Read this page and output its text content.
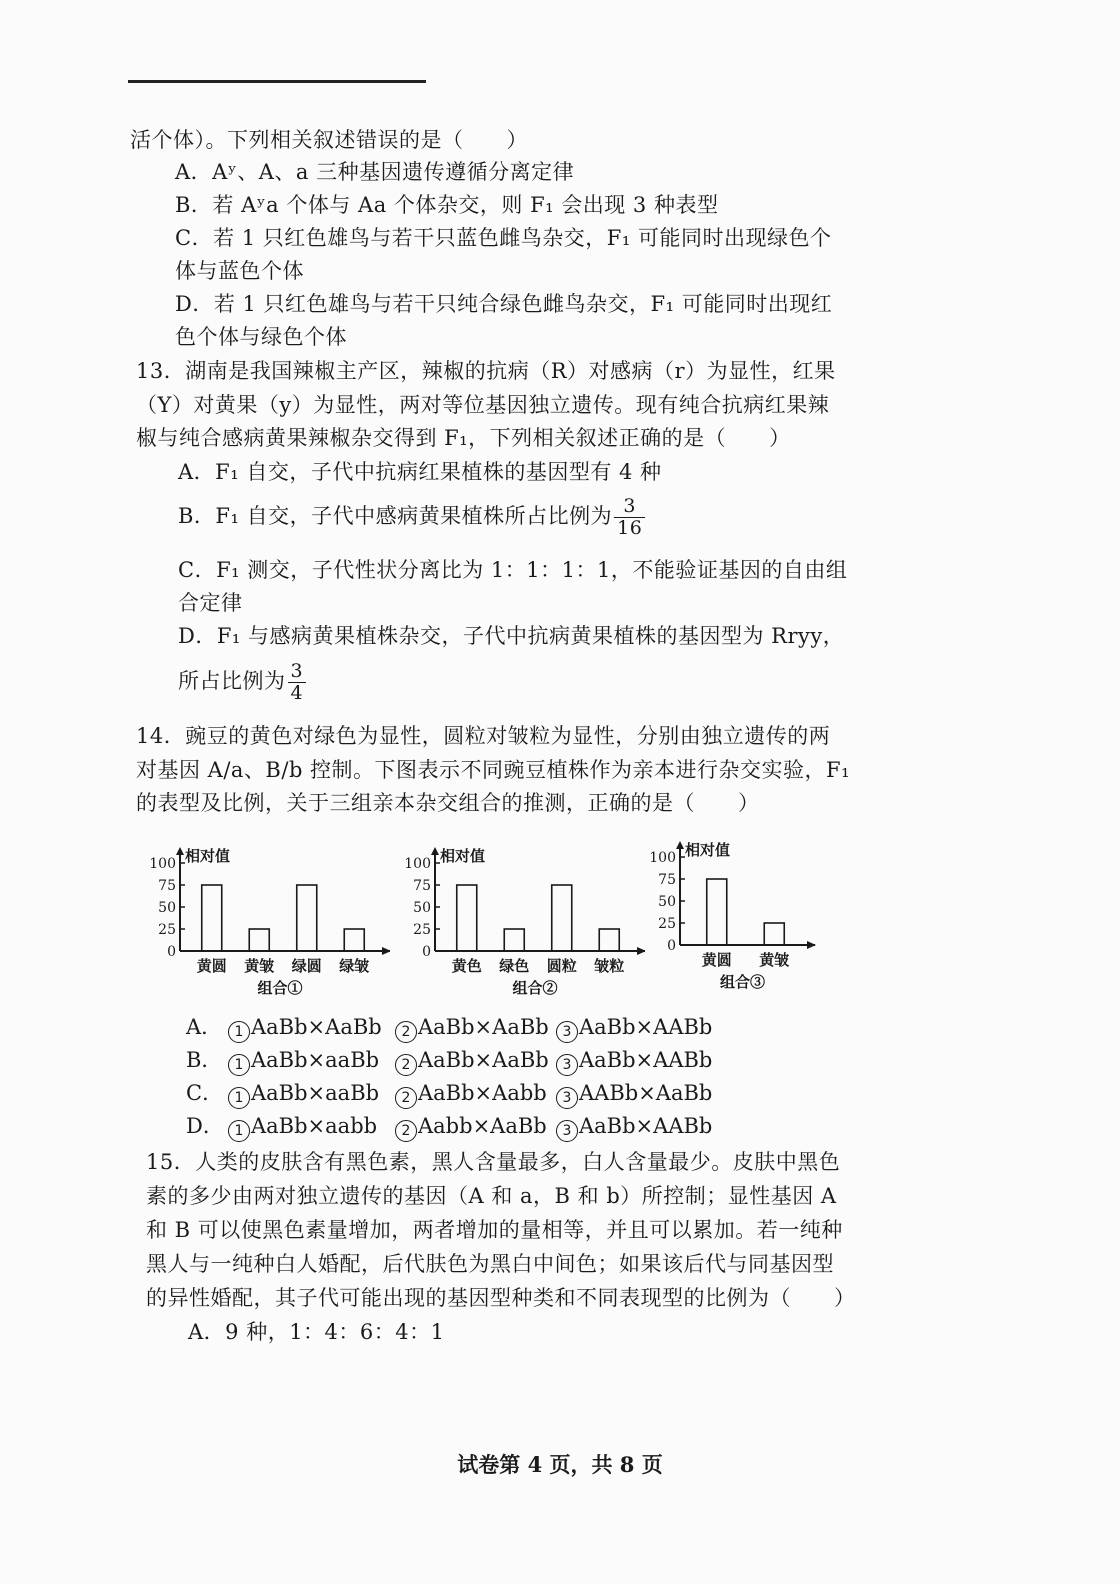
活个体）。下列相关叙述错误的是（　　）
A．Aʸ、A、a 三种基因遗传遵循分离定律
B．若 Aʸa 个体与 Aa 个体杂交，则 F₁ 会出现 3 种表型
C．若 1 只红色雄鸟与若干只蓝色雌鸟杂交，F₁ 可能同时出现绿色个
体与蓝色个体
D．若 1 只红色雄鸟与若干只纯合绿色雌鸟杂交，F₁ 可能同时出现红
色个体与绿色个体
13．湖南是我国辣椒主产区，辣椒的抗病（R）对感病（r）为显性，红果
（Y）对黄果（y）为显性，两对等位基因独立遗传。现有纯合抗病红果辣
椒与纯合感病黄果辣椒杂交得到 F₁，下列相关叙述正确的是（　　）
A．F₁ 自交，子代中抗病红果植株的基因型有 4 种
B．F₁ 自交，子代中感病黄果植株所占比例为 $\frac{3}{16}$
C．F₁ 测交，子代性状分离比为 1：1：1：1，不能验证基因的自由组
合定律
D．F₁ 与感病黄果植株杂交，子代中抗病黄果植株的基因型为 Rryy，
所占比例为 $\frac{3}{4}$
14．豌豆的黄色对绿色为显性，圆粒对皱粒为显性，分别由独立遗传的两
对基因 A/a、B/b 控制。下图表示不同豌豆植株作为亲本进行杂交实验，F₁
的表型及比例，关于三组亲本杂交组合的推测，正确的是（　　）
相对值
100
75
50
25
0
黄圆 黄皱 绿圆 绿皱
组合①
相对值
100
75
50
25
0
黄色 绿色 圆粒 皱粒
组合②
相对值
100
75
50
25
0
黄圆 黄皱
组合③
A． 1 AaBb×AaBb	2 AaBb×AaBb 3 AaBb×AABb
B． 1 AaBb×aaBb	2 AaBb×AaBb 3 AaBb×AABb
C． 1 AaBb×aaBb	2 AaBb×Aabb	3 AABb×AaBb
D． 1 AaBb×aabb	2 Aabb×AaBb	3 AaBb×AABb
15．人类的皮肤含有黑色素，黑人含量最多，白人含量最少。皮肤中黑色
素的多少由两对独立遗传的基因（A 和 a，B 和 b）所控制；显性基因 A
和 B 可以使黑色素量增加，两者增加的量相等，并且可以累加。若一纯种
黑人与一纯种白人婚配，后代肤色为黑白中间色；如果该后代与同基因型
的异性婚配，其子代可能出现的基因型种类和不同表现型的比例为（　　）
A．9 种，1：4：6：4：1
试卷第 4 页，共 8 页
